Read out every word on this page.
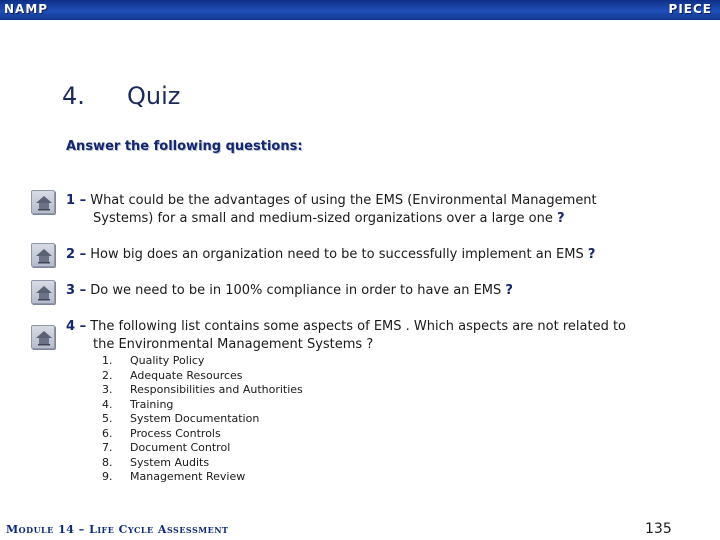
NAMP	PIECE
4. Quiz
Answer the following questions:
1 – What could be the advantages of using the EMS (Environmental Management
Systems) for a small and medium-sized organizations over a large one ?
2 – How big does an organization need to be to successfully implement an EMS ?
3 – Do we need to be in 100% compliance in order to have an EMS ?
4 – The following list contains some aspects of EMS . Which aspects are not related to
the Environmental Management Systems ?
1.	Quality Policy
2.	Adequate Resources
3.	Responsibilities and Authorities
4.	Training
5.	System Documentation
6.	Process Controls
7.	Document Control
8.	System Audits
9.	Management Review
Module 14 – Life Cycle Assessment	135
